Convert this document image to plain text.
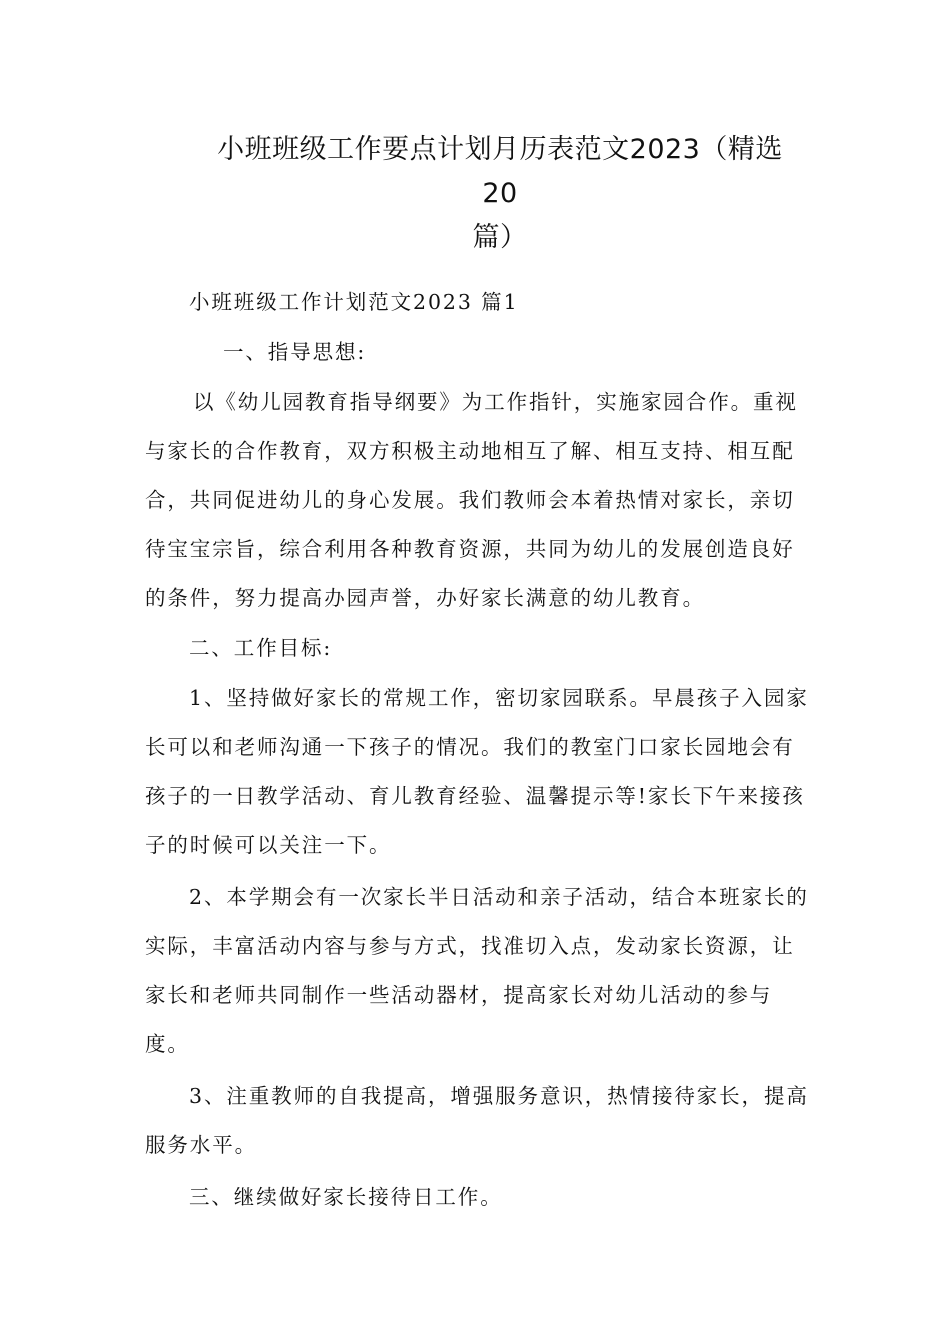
小班班级工作要点计划月历表范文2023（精选20
篇）
小班班级工作计划范文2023 篇1
一、指导思想:
以《幼儿园教育指导纲要》为工作指针，实施家园合作。重视
与家长的合作教育，双方积极主动地相互了解、相互支持、相互配
合，共同促进幼儿的身心发展。我们教师会本着热情对家长，亲切
待宝宝宗旨，综合利用各种教育资源，共同为幼儿的发展创造良好
的条件，努力提高办园声誉，办好家长满意的幼儿教育。
二、工作目标:
1、坚持做好家长的常规工作，密切家园联系。早晨孩子入园家
长可以和老师沟通一下孩子的情况。我们的教室门口家长园地会有
孩子的一日教学活动、育儿教育经验、温馨提示等!家长下午来接孩
子的时候可以关注一下。
2、本学期会有一次家长半日活动和亲子活动，结合本班家长的
实际，丰富活动内容与参与方式，找准切入点，发动家长资源，让
家长和老师共同制作一些活动器材，提高家长对幼儿活动的参与
度。
3、注重教师的自我提高，增强服务意识，热情接待家长，提高
服务水平。
三、继续做好家长接待日工作。
